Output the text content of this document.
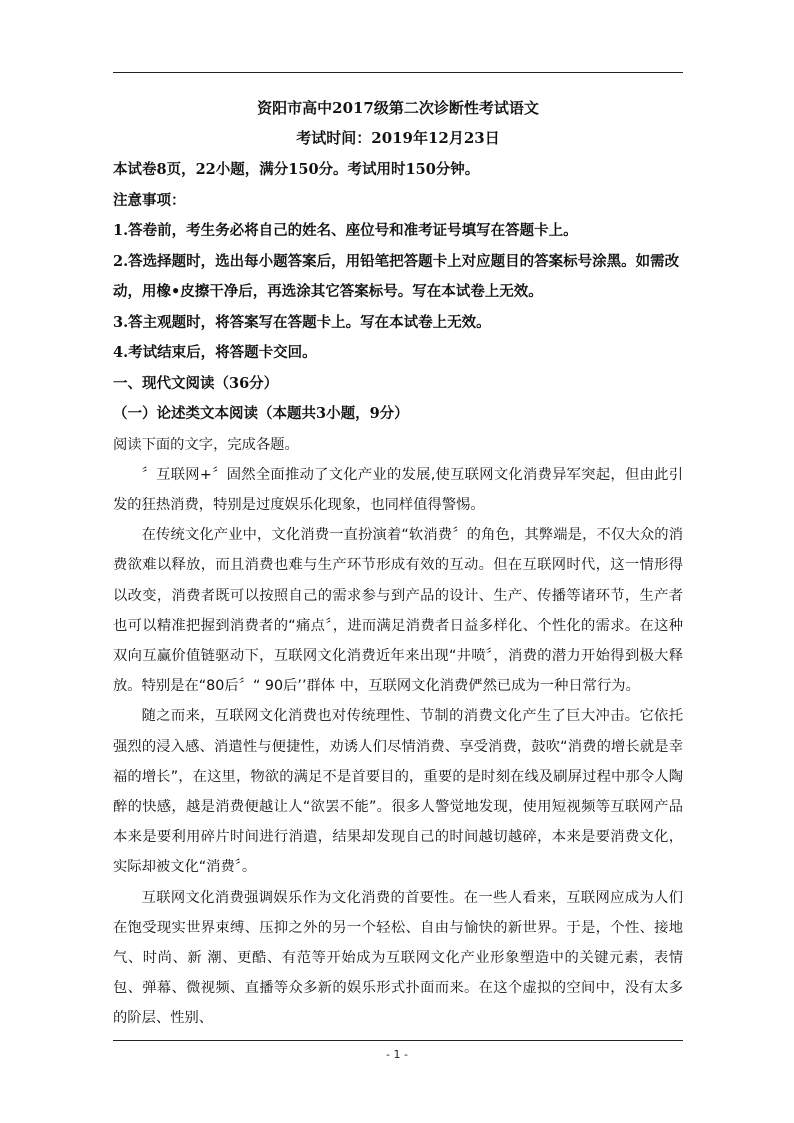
资阳市高中2017级第二次诊断性考试语文

考试时间：2019年12月23日

本试卷8页，22小题，满分150分。考试用时150分钟。

注意事项：

1.答卷前，考生务必将自己的姓名、座位号和准考证号填写在答题卡上。

2.答选择题时，选出每小题答案后，用铅笔把答题卡上对应题目的答案标号涂黑。如需改 动，用橡•皮擦干净后，再选涂其它答案标号。写在本试卷上无效。

3.答主观题时，将答案写在答题卡上。写在本试卷上无效。

4.考试结束后，将答题卡交回。

一、现代文阅读（36分）

（一）论述类文本阅读（本题共3小题，9分）

阅读下面的文字，完成各题。

〞互联网+〞固然全面推动了文化产业的发展,使互联网文化消费异军突起，但由此引发的狂热消费，特别是过度娱乐化现象，也同样值得警惕。

在传统文化产业中，文化消费一直扮演着“软消费〞的角色，其弊端是，不仅大众的消费欲难以释放，而且消费也难与生产环节形成有效的互动。但在互联网时代，这一情形得以改变，消费者既可以按照自己的需求参与到产品的设计、生产、传播等诸环节，生产者也可以精准把握到消费者的“痛点〞，进而满足消费者日益多样化、个性化的需求。在这种双向互赢价值链驱动下，互联网文化消费近年来出现“井喷〞，消费的潜力开始得到极大释放。特别是在“80后〞“ 90后’’群体 中，互联网文化消费俨然已成为一种日常行为。

随之而来，互联网文化消费也对传统理性、节制的消费文化产生了巨大冲击。它依托强烈的浸入感、消遣性与便捷性，劝诱人们尽情消费、享受消费，鼓吹“消费的增长就是幸福的增长”，在这里，物欲的满足不是首要目的，重要的是时刻在线及刷屏过程中那令人陶醉的快感，越是消费便越让人“欲罢不能”。很多人警觉地发现，使用短视频等互联网产品本来是要利用碎片时间进行消遣，结果却发现自己的时间越切越碎，本来是要消费文化，实际却被文化“消费〞。

互联网文化消费强调娱乐作为文化消费的首要性。在一些人看来，互联网应成为人们在饱受现实世界束缚、压抑之外的另一个轻松、自由与愉快的新世界。于是，个性、接地气、时尚、新 潮、更酷、有范等开始成为互联网文化产业形象塑造中的关键元素，表情包、弹幕、微视频、直播等众多新的娱乐形式扑面而来。在这个虚拟的空间中，没有太多的阶层、性别、

- 1 -
